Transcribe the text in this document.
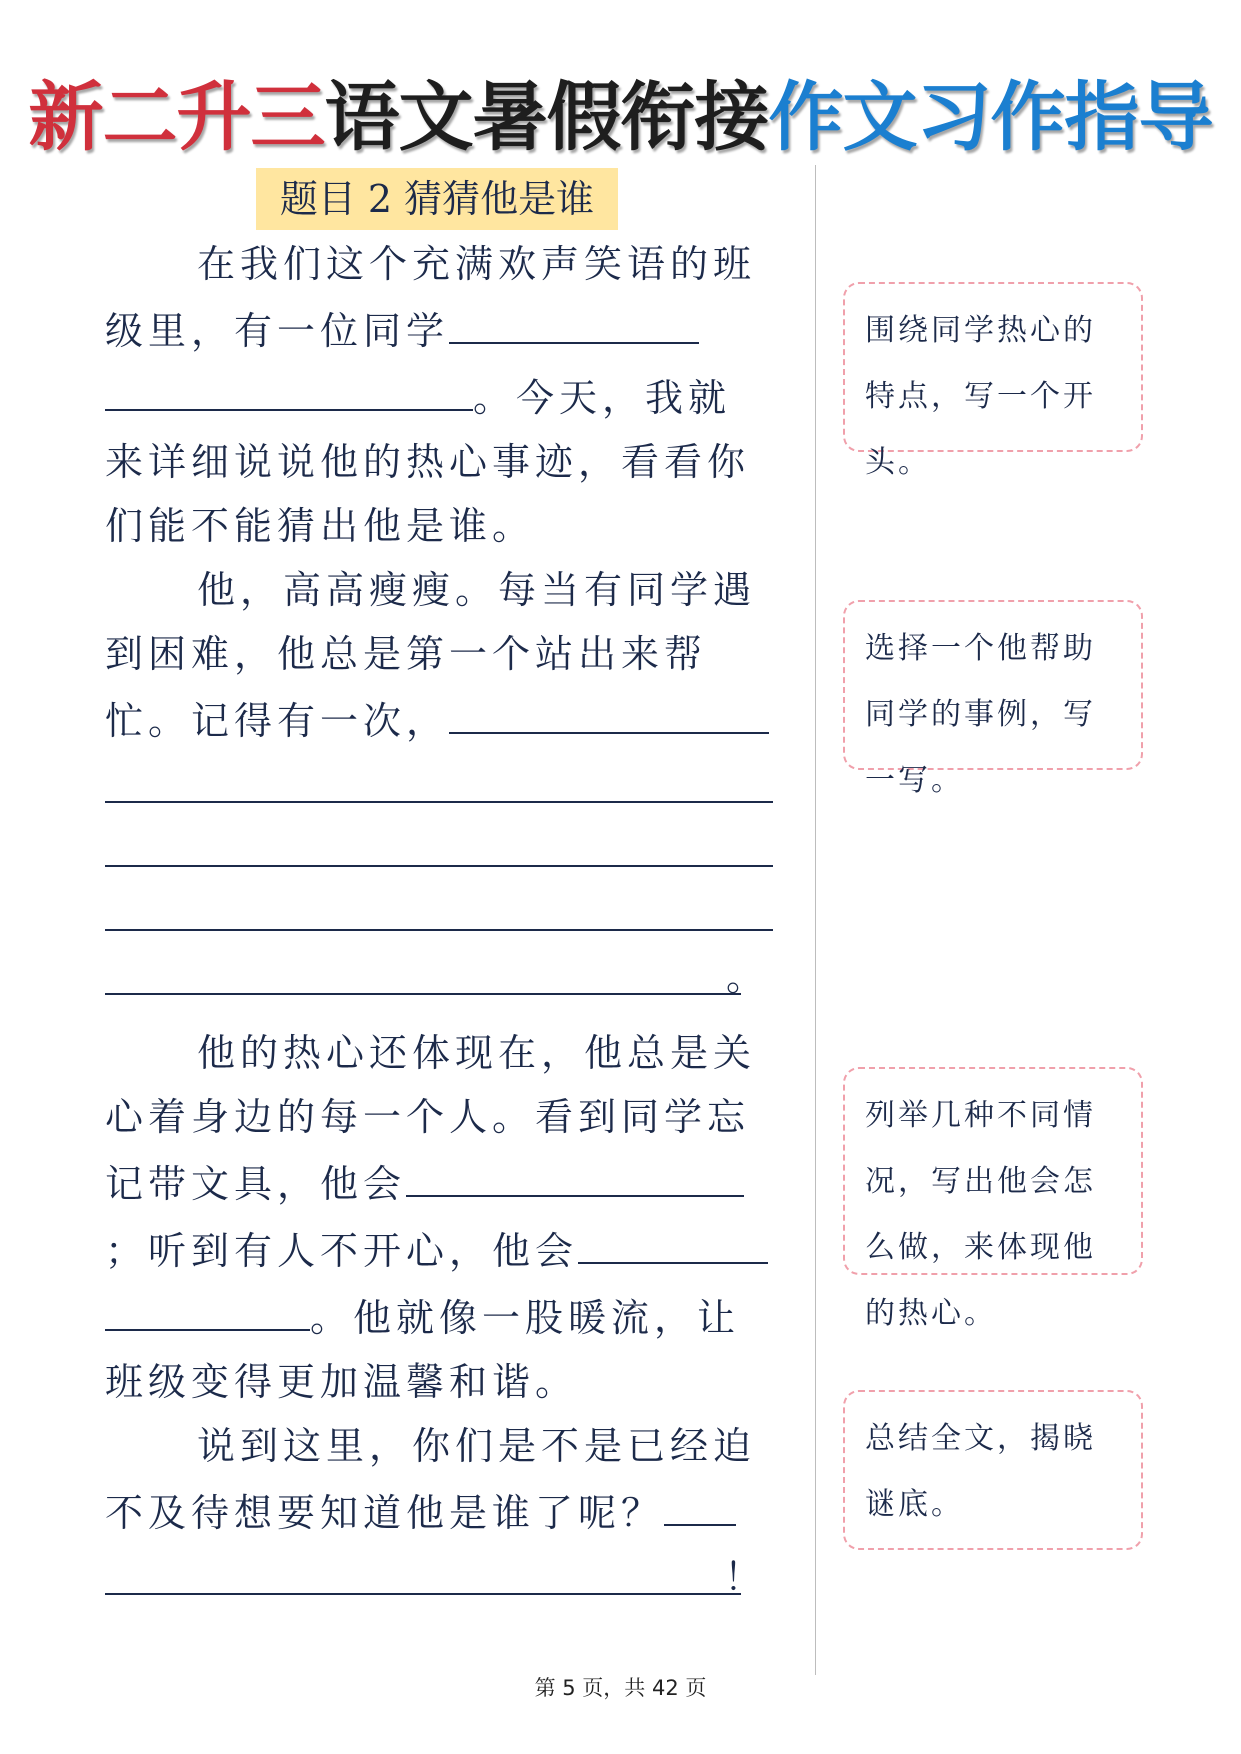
新二升三语文暑假衔接作文习作指导
题目 2 猜猜他是谁

在我们这个充满欢声笑语的班级里，有一位同学。今天，我就来详细说说他的热心事迹，看看你们能不能猜出他是谁。

他，高高瘦瘦。每当有同学遇到困难，他总是第一个站出来帮忙。记得有一次，

。

他的热心还体现在，他总是关心着身边的每一个人。看到同学忘记带文具，他会；听到有人不开心，他会。他就像一股暖流，让班级变得更加温馨和谐。

说到这里，你们是不是已经迫不及待想要知道他是谁了呢？

！
围绕同学热心的特点，写一个开头。
选择一个他帮助同学的事例，写一写。
列举几种不同情况，写出他会怎么做，来体现他的热心。
总结全文，揭晓谜底。
第 5 页，共 42 页
